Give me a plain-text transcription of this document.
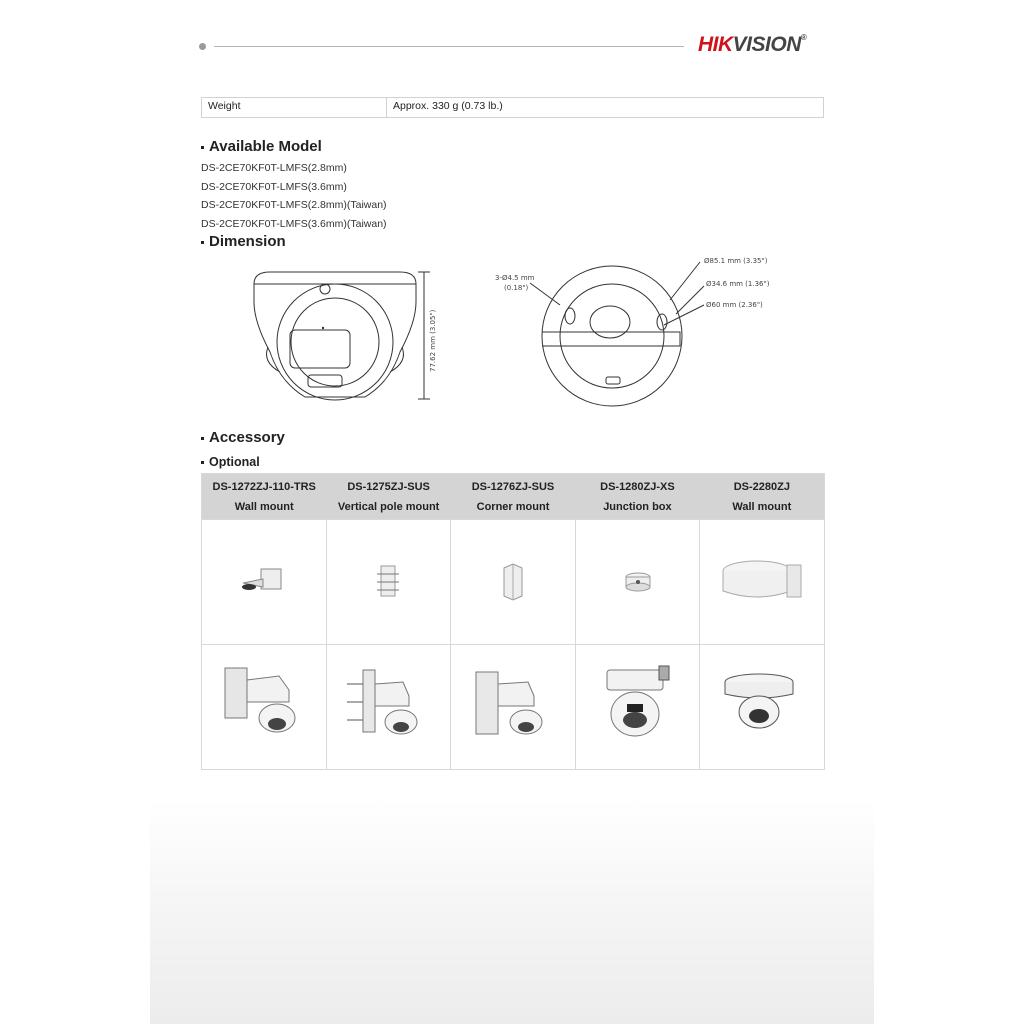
HIKVISION®
Weight	Approx. 330 g (0.73 lb.)
Available Model
DS-2CE70KF0T-LMFS(2.8mm)
DS-2CE70KF0T-LMFS(3.6mm)
DS-2CE70KF0T-LMFS(2.8mm)(Taiwan)
DS-2CE70KF0T-LMFS(3.6mm)(Taiwan)
Dimension
77.62 mm (3.05")
3-Ø4.5 mm
(0.18")
Ø85.1 mm (3.35")
Ø34.6 mm (1.36")
Ø60 mm (2.36")
Accessory
Optional
DS-1272ZJ-110-TRS
Wall mount
DS-1275ZJ-SUS
Vertical pole mount
DS-1276ZJ-SUS
Corner mount
DS-1280ZJ-XS
Junction box
DS-2280ZJ
Wall mount
